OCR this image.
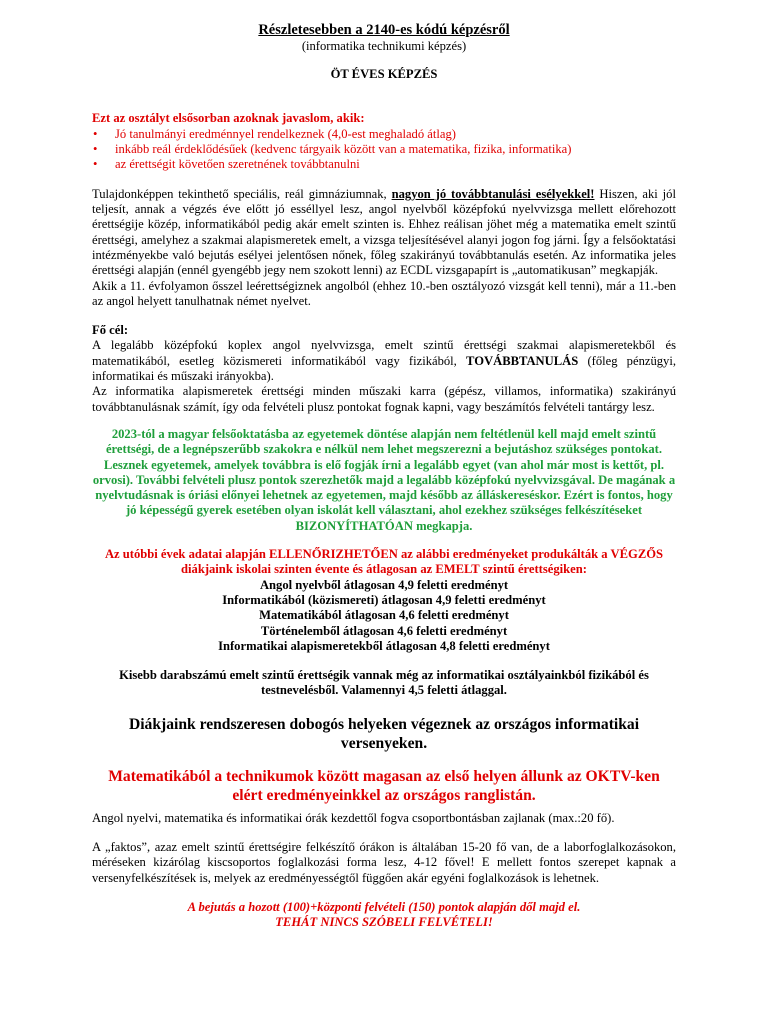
Részletesebben a 2140-es kódú képzésről

(informatika technikumi képzés)

ÖT ÉVES KÉPZÉS

Ezt az osztályt elsősorban azoknak javaslom, akik:

• Jó tanulmányi eredménnyel rendelkeznek (4,0-est meghaladó átlag)
• inkább reál érdeklődésűek (kedvenc tárgyaik között van a matematika, fizika, informatika)
• az érettségit követően szeretnének továbbtanulni

Tulajdonképpen tekinthető speciális, reál gimnáziumnak, nagyon jó továbbtanulási esélyekkel! Hiszen, aki jól teljesít, annak a végzés éve előtt jó esséllyel lesz, angol nyelvből középfokú nyelvvizsga mellett előrehozott érettségije közép, informatikából pedig akár emelt szinten is. Ehhez reálisan jöhet még a matematika emelt szintű érettségi, amelyhez a szakmai alapismeretek emelt, a vizsga teljesítésével alanyi jogon fog járni. Így a felsőoktatási intézményekbe való bejutás esélyei jelentősen nőnek, főleg szakirányú továbbtanulás esetén. Az informatika jeles érettségi alapján (ennél gyengébb jegy nem szokott lenni) az ECDL vizsgapapírt is „automatikusan” megkapják.

Akik a 11. évfolyamon ősszel leérettségiznek angolból (ehhez 10.-ben osztályozó vizsgát kell tenni), már a 11.-ben az angol helyett tanulhatnak német nyelvet.

Fő cél:

A legalább középfokú koplex angol nyelvvizsga, emelt szintű érettségi szakmai alapismeretekből és matematikából, esetleg közismereti informatikából vagy fizikából, TOVÁBBTANULÁS (főleg pénzügyi, informatikai és műszaki irányokba).

Az informatika alapismeretek érettségi minden műszaki karra (gépész, villamos, informatika) szakirányú továbbtanulásnak számít, így oda felvételi plusz pontokat fognak kapni, vagy beszámítós felvételi tantárgy lesz.

2023-tól a magyar felsőoktatásba az egyetemek döntése alapján nem feltétlenül kell majd emelt szintű érettségi, de a legnépszerűbb szakokra e nélkül nem lehet megszerezni a bejutáshoz szükséges pontokat. Lesznek egyetemek, amelyek továbbra is elő fogják írni a legalább egyet (van ahol már most is kettőt, pl. orvosi). További felvételi plusz pontok szerezhetők majd a legalább középfokú nyelvvizsgával. De magának a nyelvtudásnak is óriási előnyei lehetnek az egyetemen, majd később az álláskereséskor. Ezért is fontos, hogy jó képességű gyerek esetében olyan iskolát kell választani, ahol ezekhez szükséges felkészítéseket BIZONYÍTHATÓAN megkapja.

Az utóbbi évek adatai alapján ELLENŐRIZHETŐEN az alábbi eredményeket produkálták a VÉGZŐS diákjaink iskolai szinten évente és átlagosan az EMELT szintű érettségiken:

Angol nyelvből átlagosan 4,9 feletti eredményt

Informatikából (közismereti) átlagosan 4,9 feletti eredményt

Matematikából átlagosan 4,6 feletti eredményt

Történelemből átlagosan 4,6 feletti eredményt

Informatikai alapismeretekből átlagosan 4,8 feletti eredményt

Kisebb darabszámú emelt szintű érettségik vannak még az informatikai osztályainkból fizikából és testnevelésből. Valamennyi 4,5 feletti átlaggal.

Diákjaink rendszeresen dobogós helyeken végeznek az országos informatikai versenyeken.

Matematikából a technikumok között magasan az első helyen állunk az OKTV-ken elért eredményeinkkel az országos ranglistán.

Angol nyelvi, matematika és informatikai órák kezdettől fogva csoportbontásban zajlanak (max.:20 fő).

A „faktos”, azaz emelt szintű érettségire felkészítő órákon is általában 15-20 fő van, de a laborfoglalkozásokon, méréseken kizárólag kiscsoportos foglalkozási forma lesz, 4-12 fővel! E mellett fontos szerepet kapnak a versenyfelkészítések is, melyek az eredményességtől függően akár egyéni foglalkozások is lehetnek.

A bejutás a hozott (100)+központi felvételi (150) pontok alapján dől majd el.

TEHÁT NINCS SZÓBELI FELVÉTELI!
